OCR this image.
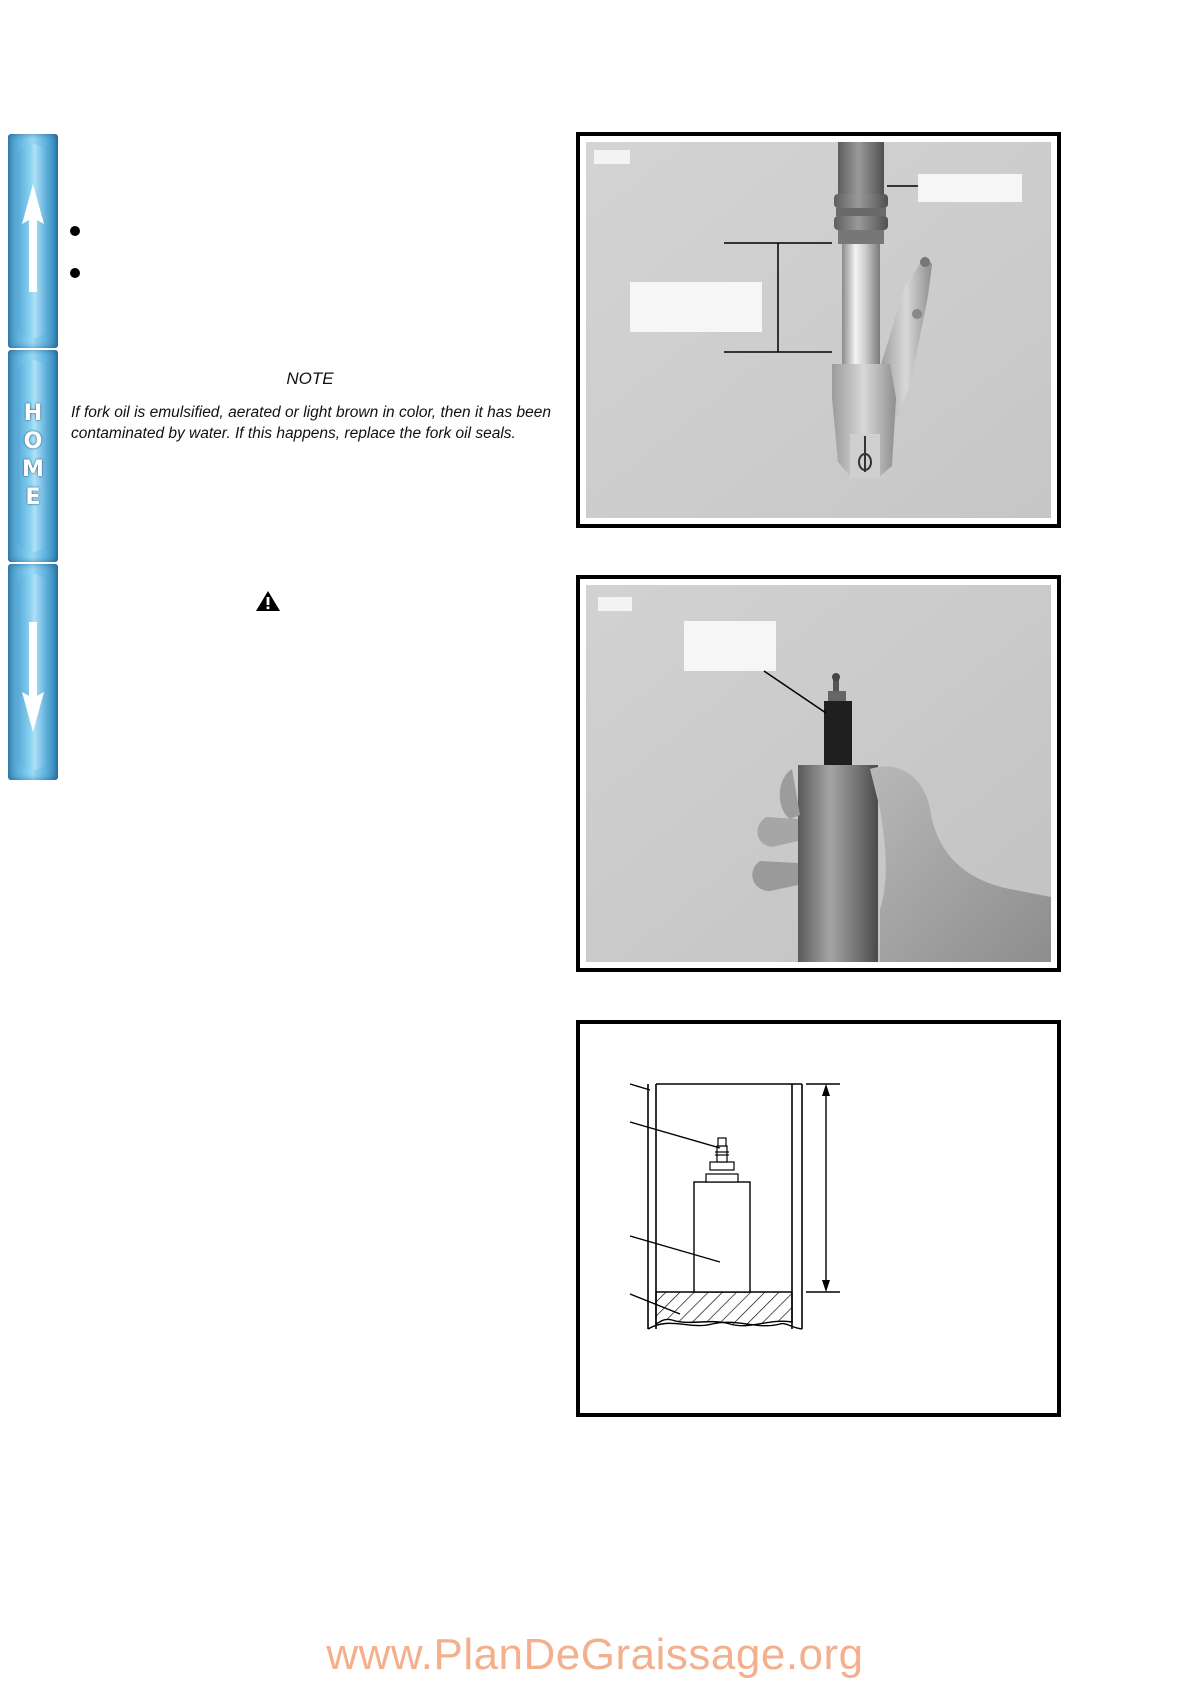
H
O
M
E
NOTE
If fork oil is emulsified, aerated or light brown in color, then it has been contaminated by water. If this happens, replace the fork oil seals.
www.PlanDeGraissage.org
